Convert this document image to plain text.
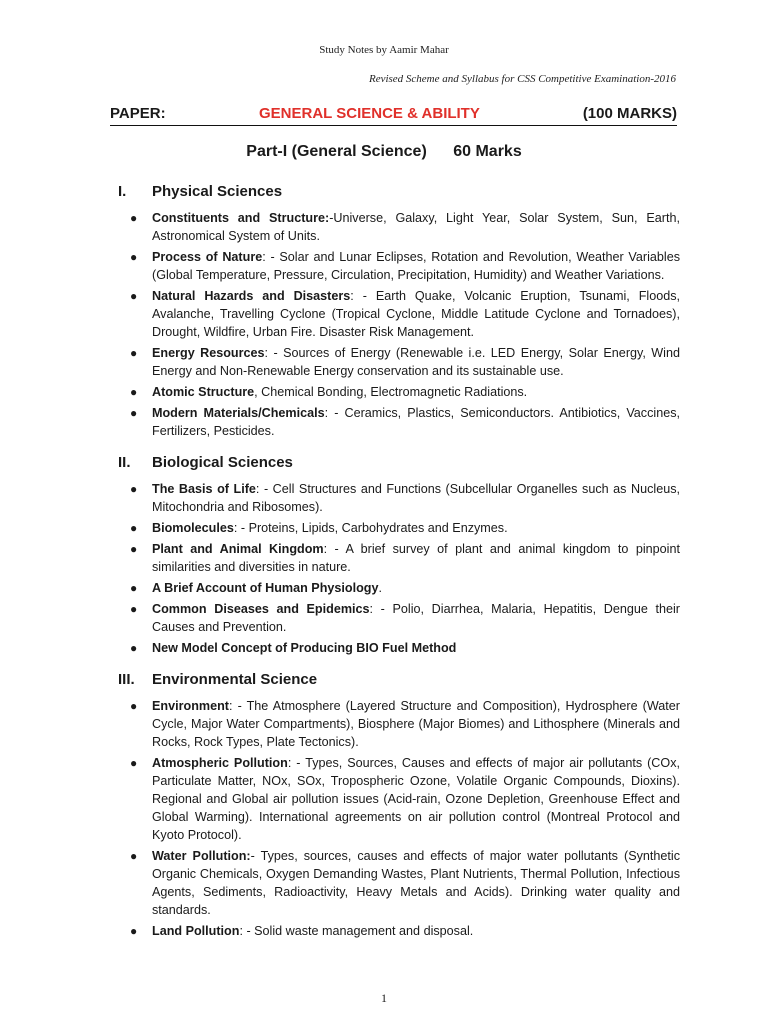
Study Notes by Aamir Mahar
Revised Scheme and Syllabus for CSS Competitive Examination-2016
PAPER:	GENERAL SCIENCE & ABILITY	(100 MARKS)
Part-I (General Science) 60 Marks
I. Physical Sciences
● Constituents and Structure:-Universe, Galaxy, Light Year, Solar System, Sun, Earth, Astronomical System of Units.
● Process of Nature: - Solar and Lunar Eclipses, Rotation and Revolution, Weather Variables (Global Temperature, Pressure, Circulation, Precipitation, Humidity) and Weather Variations.
● Natural Hazards and Disasters: - Earth Quake, Volcanic Eruption, Tsunami, Floods, Avalanche, Travelling Cyclone (Tropical Cyclone, Middle Latitude Cyclone and Tornadoes), Drought, Wildfire, Urban Fire. Disaster Risk Management.
● Energy Resources: - Sources of Energy (Renewable i.e. LED Energy, Solar Energy, Wind Energy and Non-Renewable Energy conservation and its sustainable use.
● Atomic Structure, Chemical Bonding, Electromagnetic Radiations.
● Modern Materials/Chemicals: - Ceramics, Plastics, Semiconductors. Antibiotics, Vaccines, Fertilizers, Pesticides.
II. Biological Sciences
● The Basis of Life: - Cell Structures and Functions (Subcellular Organelles such as Nucleus, Mitochondria and Ribosomes).
● Biomolecules: - Proteins, Lipids, Carbohydrates and Enzymes.
● Plant and Animal Kingdom: - A brief survey of plant and animal kingdom to pinpoint similarities and diversities in nature.
● A Brief Account of Human Physiology.
● Common Diseases and Epidemics: - Polio, Diarrhea, Malaria, Hepatitis, Dengue their Causes and Prevention.
● New Model Concept of Producing BIO Fuel Method
III. Environmental Science
● Environment: - The Atmosphere (Layered Structure and Composition), Hydrosphere (Water Cycle, Major Water Compartments), Biosphere (Major Biomes) and Lithosphere (Minerals and Rocks, Rock Types, Plate Tectonics).
● Atmospheric Pollution: - Types, Sources, Causes and effects of major air pollutants (COx, Particulate Matter, NOx, SOx, Tropospheric Ozone, Volatile Organic Compounds, Dioxins). Regional and Global air pollution issues (Acid-rain, Ozone Depletion, Greenhouse Effect and Global Warming). International agreements on air pollution control (Montreal Protocol and Kyoto Protocol).
● Water Pollution:- Types, sources, causes and effects of major water pollutants (Synthetic Organic Chemicals, Oxygen Demanding Wastes, Plant Nutrients, Thermal Pollution, Infectious Agents, Sediments, Radioactivity, Heavy Metals and Acids). Drinking water quality and standards.
● Land Pollution: - Solid waste management and disposal.
1
